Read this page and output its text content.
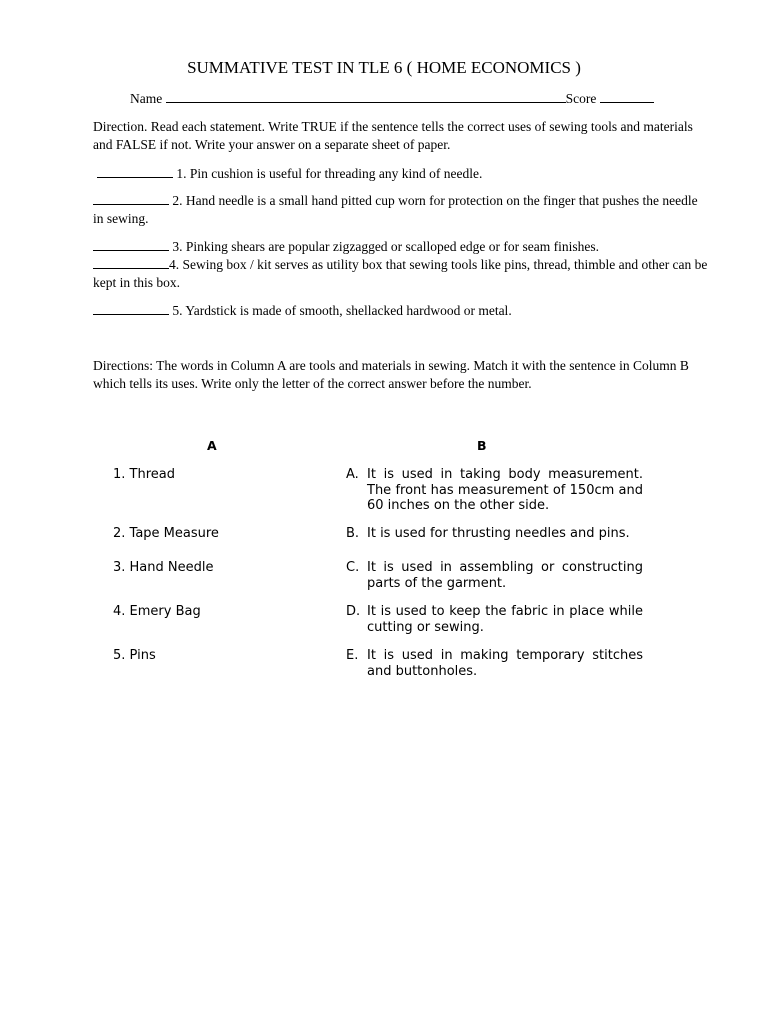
SUMMATIVE TEST IN TLE 6 ( HOME ECONOMICS )
Name	Score
Direction. Read each statement. Write TRUE if the sentence tells the correct uses of sewing tools and materials and FALSE if not. Write your answer on a separate sheet of paper.
1. Pin cushion is useful for threading any kind of needle.
2. Hand needle is a small hand pitted cup worn for protection on the finger that pushes the needle in sewing.
3. Pinking shears are popular zigzagged or scalloped edge or for seam finishes.
4. Sewing box / kit serves as utility box that sewing tools like pins, thread, thimble and other can be kept in this box.
5. Yardstick is made of smooth, shellacked hardwood or metal.
Directions: The words in Column A are tools and materials in sewing. Match it with the sentence in Column B which tells its uses. Write only the letter of the correct answer before the number.
A	B
1. Thread
2. Tape Measure
3. Hand Needle
4. Emery Bag
5. Pins
A. It is used in taking body measurement. The front has measurement of 150cm and 60 inches on the other side.
B. It is used for thrusting needles and pins.
C. It is used in assembling or constructing parts of the garment.
D. It is used to keep the fabric in place while cutting or sewing.
E. It is used in making temporary stitches and buttonholes.
